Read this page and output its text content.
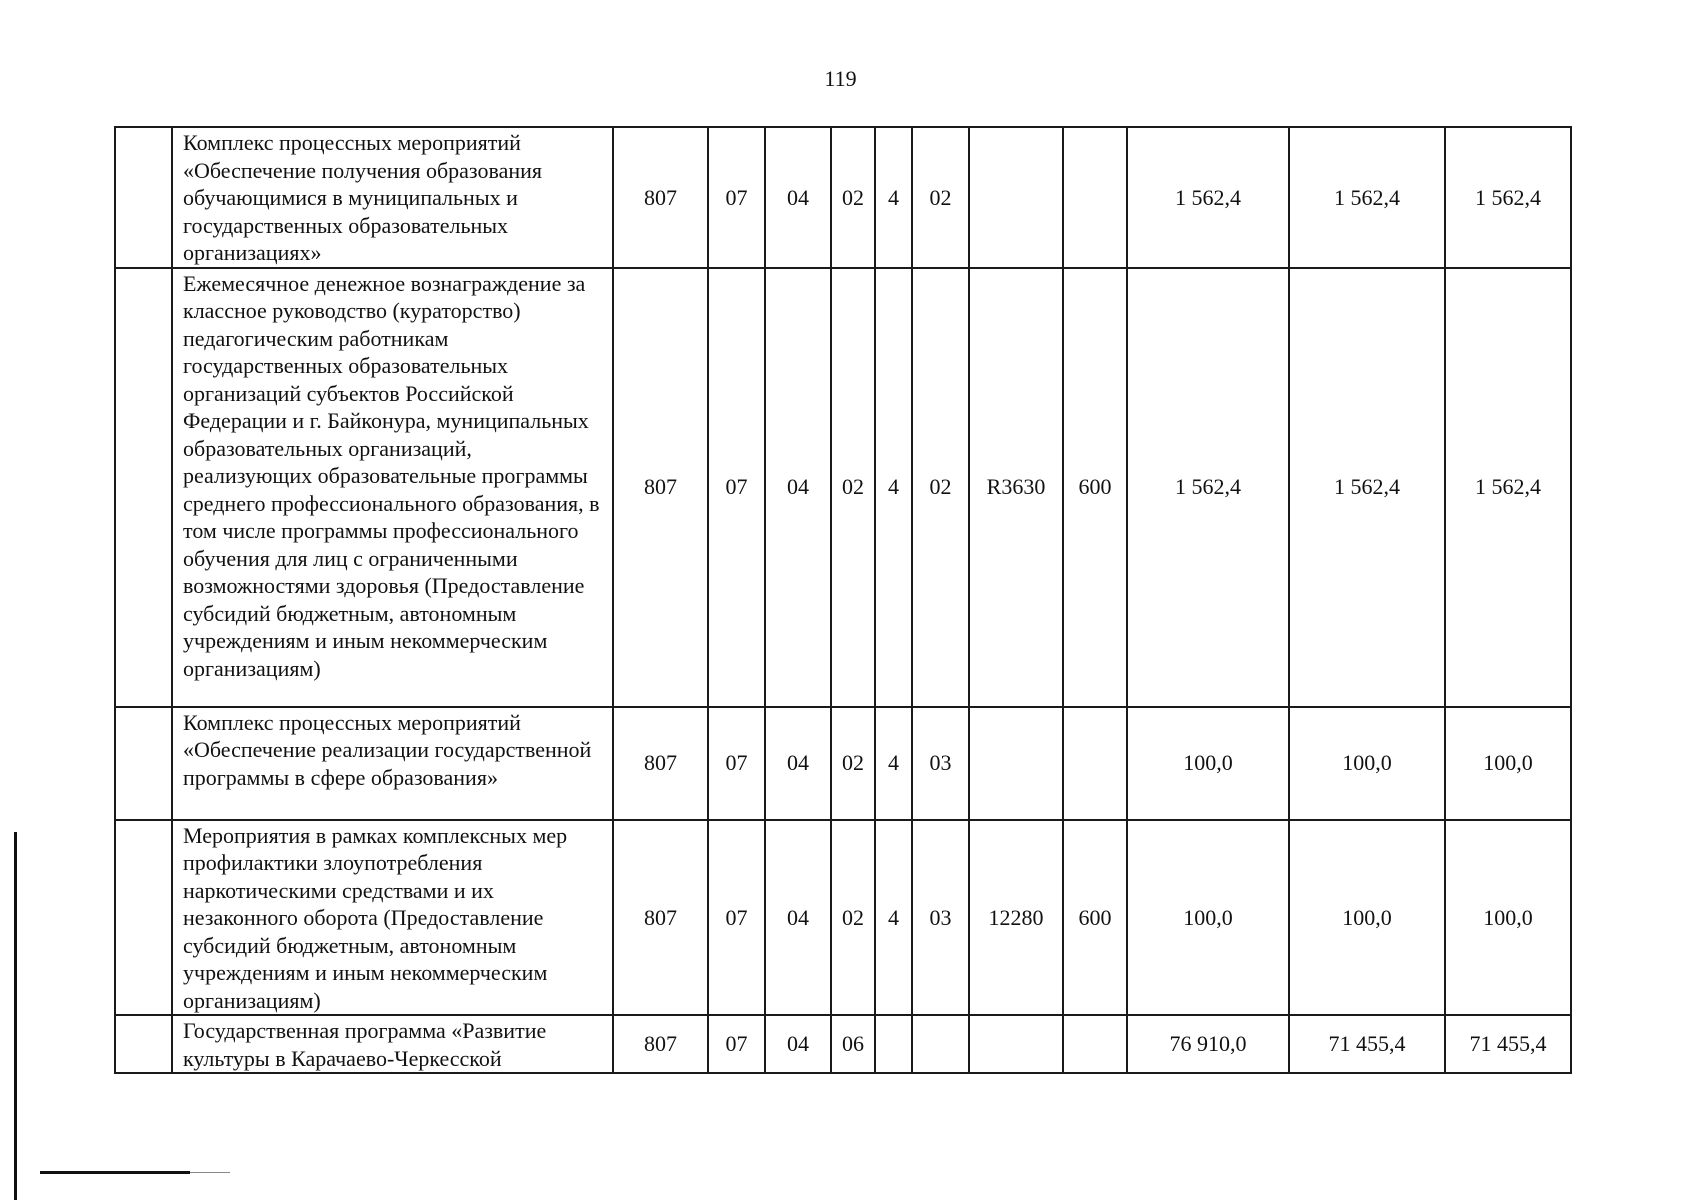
119
	Комплекс процессных мероприятий «Обеспечение получения образования обучающимися в муниципальных и государственных образовательных организациях»	807	07	04	02	4	02			1 562,4	1 562,4	1 562,4
	Ежемесячное денежное вознаграждение за классное руководство (кураторство) педагогическим работникам государственных образовательных организаций субъектов Российской Федерации и г. Байконура, муниципальных образовательных организаций, реализующих образовательные программы среднего профессионального образования, в том числе программы профессионального обучения для лиц с ограниченными возможностями здоровья (Предоставление субсидий бюджетным, автономным учреждениям и иным некоммерческим организациям)	807	07	04	02	4	02	R3630	600	1 562,4	1 562,4	1 562,4
	Комплекс процессных мероприятий «Обеспечение реализации государственной программы в сфере образования»	807	07	04	02	4	03			100,0	100,0	100,0
	Мероприятия в рамках комплексных мер профилактики злоупотребления наркотическими средствами и их незаконного оборота (Предоставление субсидий бюджетным, автономным учреждениям и иным некоммерческим организациям)	807	07	04	02	4	03	12280	600	100,0	100,0	100,0
	Государственная программа «Развитие культуры в Карачаево-Черкесской	807	07	04	06					76 910,0	71 455,4	71 455,4
